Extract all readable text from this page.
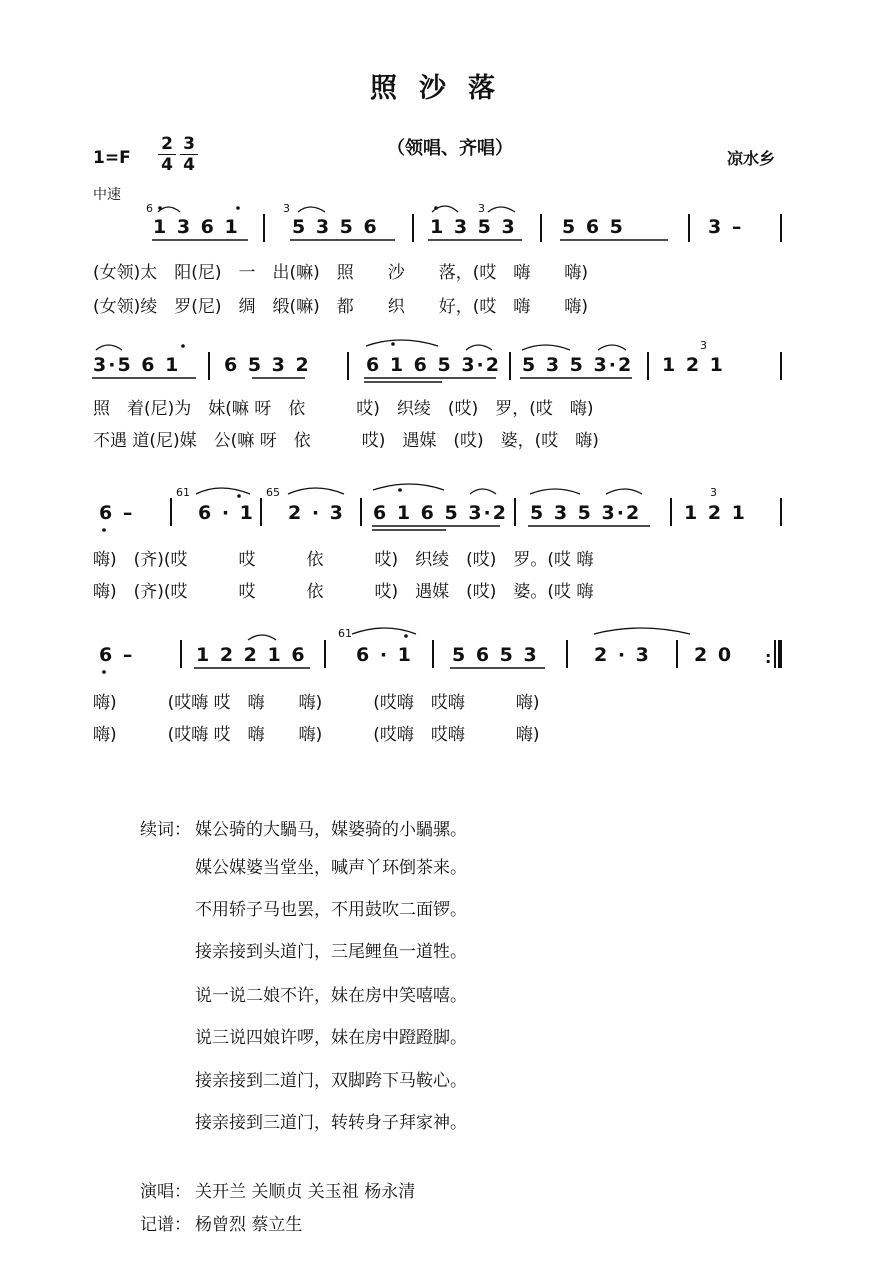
照沙落
1=F
2
4
3
4
（领唱、齐唱）	凉水乡
中速
6	3	3
1 3 6 1	5 3 5 6	1 3 5 3 5 6 5	3 –
(女领)太　阳(尼)　一　出(嘛)　照　　沙　　落，(哎　嗨　　嗨)
(女领)绫　罗(尼)　绸　缎(嘛)　都　　织　　好，(哎　嗨　　嗨)
3
3·5 6 1 6 5 3 2	6 1 6 5 3·2 5 3 5 3·2 1 2 1
照　着(尼)为　妹(嘛 呀　依　　　哎)　织绫　(哎)　罗，(哎　嗨)
不遇 道(尼)媒　公(嘛 呀　依　　　哎)　遇媒　(哎)　婆，(哎　嗨)
61	65	3
6 –	6 · 1 2 · 3 6 1 6 5 3·2 5 3 5 3·2 1 2 1
嗨)　(齐)(哎　　　哎　　　依　　　哎)　织绫　(哎)　罗。(哎 嗨
嗨)　(齐)(哎　　　哎　　　依　　　哎)　遇媒　(哎)　婆。(哎 嗨
61
6 –	1 2 2 1 6	6 · 1 5 6 5 3	2 · 3 2 0 :
嗨)　　　(哎嗨 哎　嗨　　嗨)　　　(哎嗨　哎嗨　　　嗨)
嗨)　　　(哎嗨 哎　嗨　　嗨)　　　(哎嗨　哎嗨　　　嗨)
续词： 媒公骑的大騧马，媒婆骑的小騧骡。
媒公媒婆当堂坐，喊声丫环倒茶来。
不用轿子马也罢，不用鼓吹二面锣。
接亲接到头道门，三尾鲤鱼一道牲。
说一说二娘不许，妹在房中笑嘻嘻。
说三说四娘许啰，妹在房中蹬蹬脚。
接亲接到二道门，双脚跨下马鞍心。
接亲接到三道门，转转身子拜家神。
演唱： 关开兰 关顺贞 关玉祖 杨永清
记谱： 杨曾烈 蔡立生
